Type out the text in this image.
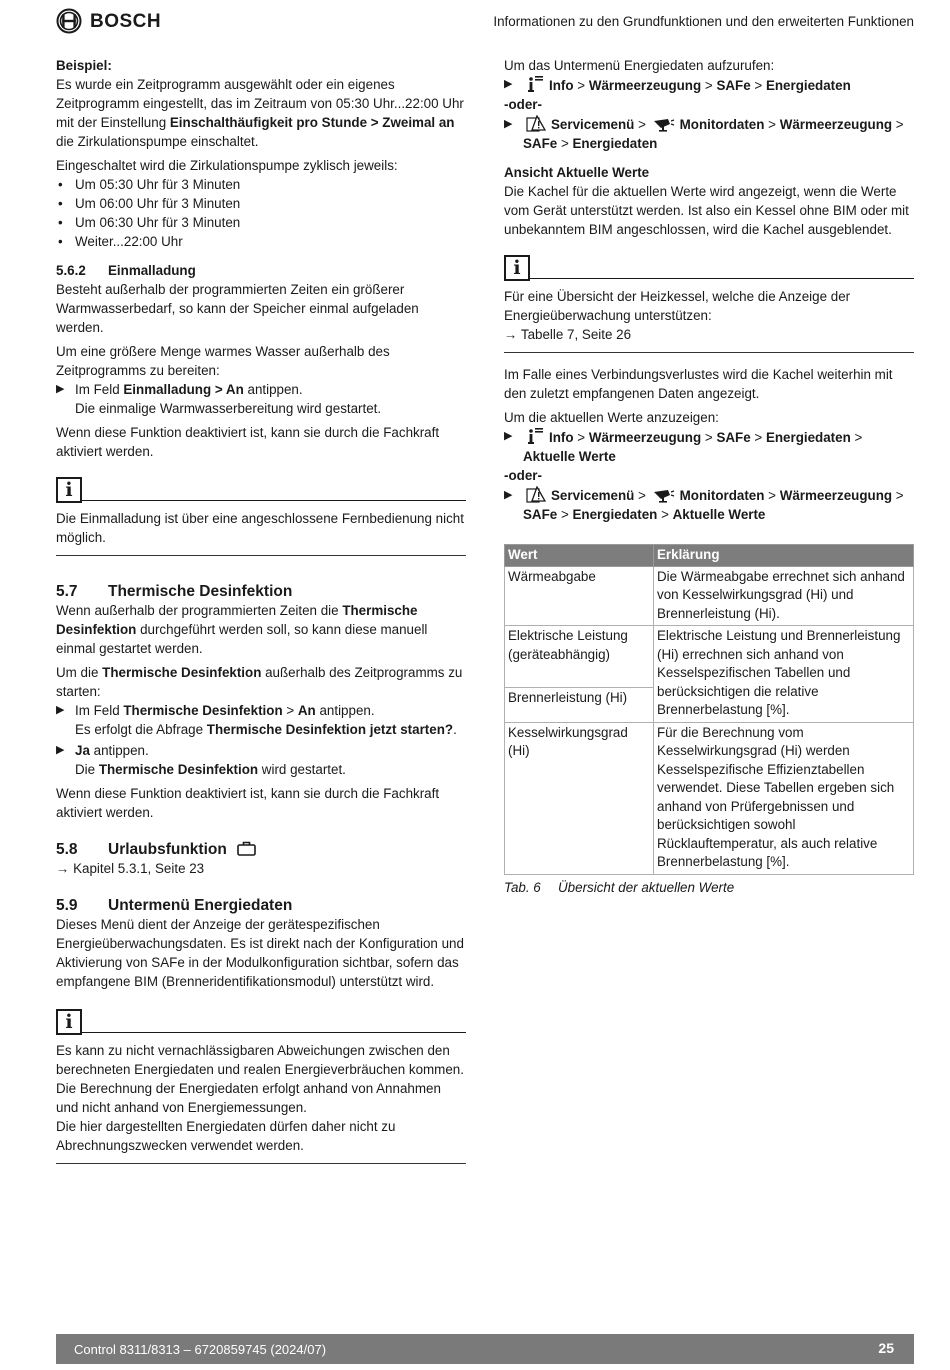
BOSCH	Informationen zu den Grundfunktionen und den erweiterten Funktionen

Beispiel:

Es wurde ein Zeitprogramm ausgewählt oder ein eigenes Zeitprogramm eingestellt, das im Zeitraum von 05:30 Uhr...22:00 Uhr mit der Einstellung Einschalthäufigkeit pro Stunde > Zweimal an die Zirkulationspumpe einschaltet.

Eingeschaltet wird die Zirkulationspumpe zyklisch jeweils:

• Um 05:30 Uhr für 3 Minuten
• Um 06:00 Uhr für 3 Minuten
• Um 06:30 Uhr für 3 Minuten
• Weiter...22:00 Uhr

5.6.2 Einmalladung

Besteht außerhalb der programmierten Zeiten ein größerer Warmwasserbedarf, so kann der Speicher einmal aufgeladen werden.

Um eine größere Menge warmes Wasser außerhalb des Zeitprogramms zu bereiten:

▶ Im Feld Einmalladung > An antippen.
Die einmalige Warmwasserbereitung wird gestartet.

Wenn diese Funktion deaktiviert ist, kann sie durch die Fachkraft aktiviert werden.

i

Die Einmalladung ist über eine angeschlossene Fernbedienung nicht möglich.

5.7 Thermische Desinfektion

Wenn außerhalb der programmierten Zeiten die Thermische Desinfektion durchgeführt werden soll, so kann diese manuell einmal gestartet werden.

Um die Thermische Desinfektion außerhalb des Zeitprogramms zu starten:

▶ Im Feld Thermische Desinfektion > An antippen.
Es erfolgt die Abfrage Thermische Desinfektion jetzt starten?.
▶ Ja antippen.
Die Thermische Desinfektion wird gestartet.

Wenn diese Funktion deaktiviert ist, kann sie durch die Fachkraft aktiviert werden.

5.8 Urlaubsfunktion

→ Kapitel 5.3.1, Seite 23

5.9 Untermenü Energiedaten

Dieses Menü dient der Anzeige der gerätespezifischen Energieüberwachungsdaten. Es ist direkt nach der Konfiguration und Aktivierung von SAFe in der Modulkonfiguration sichtbar, sofern das empfangene BIM (Brenneridentifikationsmodul) unterstützt wird.

i

Es kann zu nicht vernachlässigbaren Abweichungen zwischen den berechneten Energiedaten und realen Energieverbräuchen kommen. Die Berechnung der Energiedaten erfolgt anhand von Annahmen und nicht anhand von Energiemessungen.

Die hier dargestellten Energiedaten dürfen daher nicht zu Abrechnungszwecken verwendet werden.

Um das Untermenü Energiedaten aufzurufen:

▶	Info > Wärmeerzeugung > SAFe > Energiedaten

-oder-

▶	Servicemenü > Monitordaten > Wärmeerzeugung >
SAFe > Energiedaten

Ansicht Aktuelle Werte

Die Kachel für die aktuellen Werte wird angezeigt, wenn die Werte vom Gerät unterstützt werden. Ist also ein Kessel ohne BIM oder mit unbekanntem BIM angeschlossen, wird die Kachel ausgeblendet.

i

Für eine Übersicht der Heizkessel, welche die Anzeige der Energieüberwachung unterstützen:

→ Tabelle 7, Seite 26

Im Falle eines Verbindungsverlustes wird die Kachel weiterhin mit den zuletzt empfangenen Daten angezeigt.

Um die aktuellen Werte anzuzeigen:

▶	Info > Wärmeerzeugung > SAFe > Energiedaten > Aktuelle Werte

-oder-

▶	Servicemenü > Monitordaten > Wärmeerzeugung >
SAFe > Energiedaten > Aktuelle Werte
Wert	Erklärung
Wärmeabgabe	Die Wärmeabgabe errechnet sich anhand von Kesselwirkungsgrad (Hi) und Brennerleistung (Hi).
Elektrische Leistung (geräteabhängig)	Elektrische Leistung und Brennerleistung (Hi) errechnen sich anhand von Kesselspezifischen Tabellen und berücksichtigen die relative Brennerbelastung [%].
Brennerleistung (Hi)	
Kesselwirkungsgrad (Hi)	Für die Berechnung vom Kesselwirkungsgrad (Hi) werden Kesselspezifische Effizienztabellen verwendet. Diese Tabellen ergeben sich anhand von Prüfergebnissen und berücksichtigen sowohl Rücklauftemperatur, als auch relative Brennerbelastung [%].

Tab. 6 Übersicht der aktuellen Werte

Control 8311/8313 – 6720859745 (2024/07)	25
